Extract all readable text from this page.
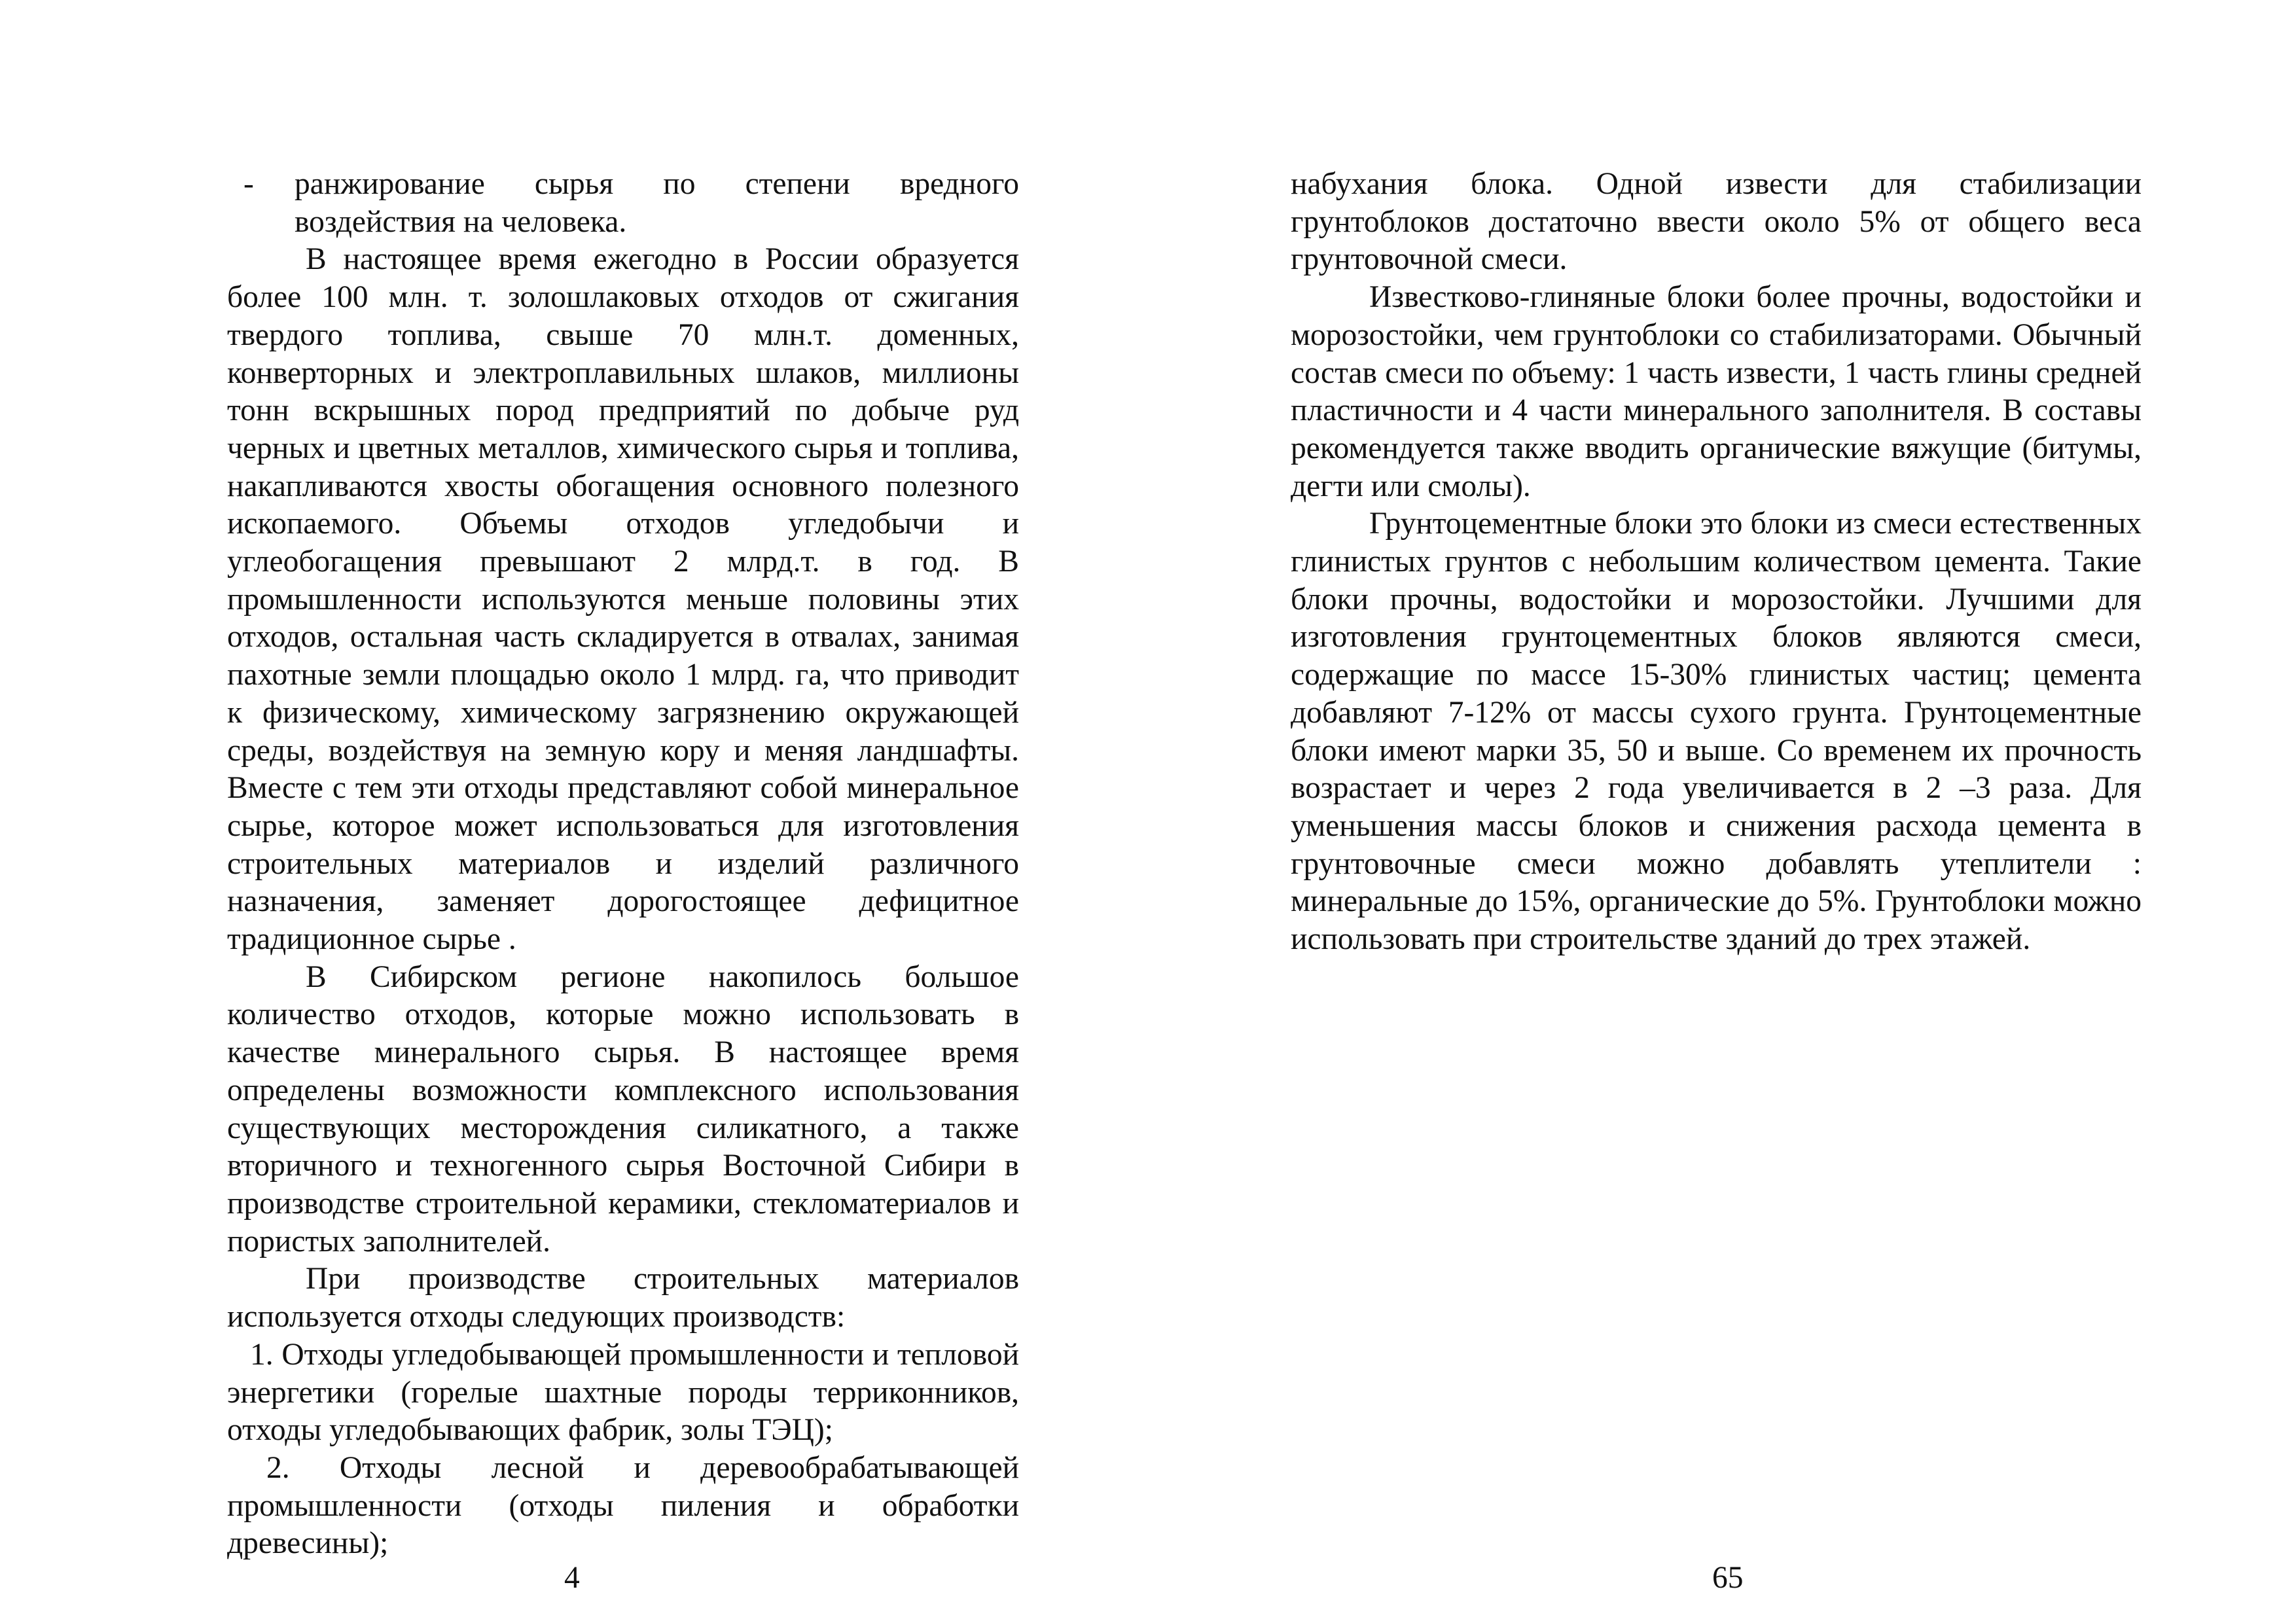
- ранжирование сырья по степени вредного воздействия на человека.

В настоящее время ежегодно в России образуется более 100 млн. т. золошлаковых отходов от сжигания твердого топлива, свыше 70 млн.т. доменных, конверторных и электроплавильных шлаков, миллионы тонн вскрышных пород предприятий по добыче руд черных и цветных металлов, химического сырья и топлива, накапливаются хвосты обогащения основного полезного ископаемого. Объемы отходов угледобычи и углеобогащения превышают 2 млрд.т. в год. В промышленности используются меньше половины этих отходов, остальная часть складируется в отвалах, занимая пахотные земли площадью около 1 млрд. га, что приводит к физическому, химическому загрязнению окружающей среды, воздействуя на земную кору и меняя ландшафты. Вместе с тем эти отходы представляют собой минеральное сырье, которое может использоваться для изготовления строительных материалов и изделий различного назначения, заменяет дорогостоящее дефицитное традиционное сырье .

В Сибирском регионе накопилось большое количество отходов, которые можно использовать в качестве минерального сырья. В настоящее время определены возможности комплексного использования существующих месторождения силикатного, а также вторичного и техногенного сырья Восточной Сибири в производстве строительной керамики, стекломатериалов и пористых заполнителей.

При производстве строительных материалов используется отходы следующих производств:

1. Отходы угледобывающей промышленности и тепловой энергетики (горелые шахтные породы терриконников, отходы угледобывающих фабрик, золы ТЭЦ);

2. Отходы лесной и деревообрабатывающей промышленности (отходы пиления и обработки древесины);

4

набухания блока. Одной извести для стабилизации грунтоблоков достаточно ввести около 5% от общего веса грунтовочной смеси.

Известково-глиняные блоки более прочны, водостойки и морозостойки, чем грунтоблоки со стабилизаторами. Обычный состав смеси по объему: 1 часть извести, 1 часть глины средней пластичности и 4 части минерального заполнителя. В составы рекомендуется также вводить органические вяжущие (битумы, дегти или смолы).

Грунтоцементные блоки это блоки из смеси естественных глинистых грунтов с небольшим количеством цемента. Такие блоки прочны, водостойки и морозостойки. Лучшими для изготовления грунтоцементных блоков являются смеси, содержащие по массе 15-30% глинистых частиц; цемента добавляют 7-12% от массы сухого грунта. Грунтоцементные блоки имеют марки 35, 50 и выше. Со временем их прочность возрастает и через 2 года увеличивается в 2 –3 раза. Для уменьшения массы блоков и снижения расхода цемента в грунтовочные смеси можно добавлять утеплители : минеральные до 15%, органические до 5%. Грунтоблоки можно использовать при строительстве зданий до трех этажей.

65
